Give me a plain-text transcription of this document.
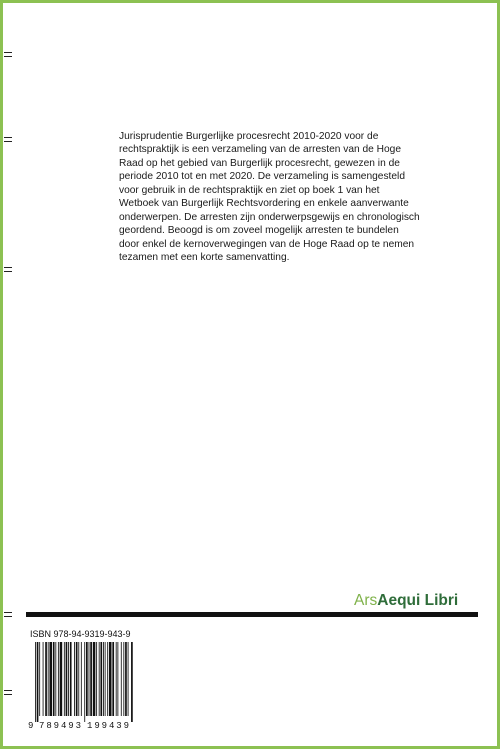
Jurisprudentie Burgerlijke procesrecht 2010-2020 voor de
rechtspraktijk is een verzameling van de arresten van de Hoge
Raad op het gebied van Burgerlijk procesrecht, gewezen in de
periode 2010 tot en met 2020. De verzameling is samengesteld
voor gebruik in de rechtspraktijk en ziet op boek 1 van het
Wetboek van Burgerlijk Rechtsvordering en enkele aanverwante
onderwerpen. De arresten zijn onderwerpsgewijs en chronologisch
geordend. Beoogd is om zoveel mogelijk arresten te bundelen
door enkel de kernoverwegingen van de Hoge Raad op te nemen
tezamen met een korte samenvatting.
ArsAequi Libri
ISBN 978-94-9319-943-9
9 789493 199439
